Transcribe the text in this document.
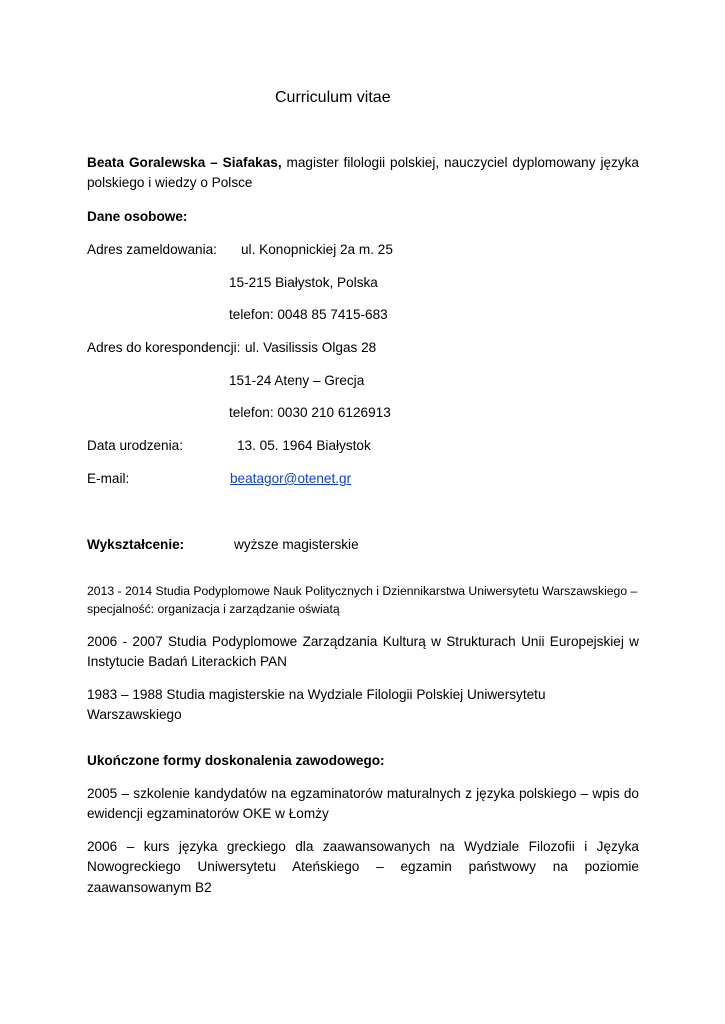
Curriculum vitae
Beata Goralewska – Siafakas, magister filologii polskiej, nauczyciel dyplomowany języka polskiego i wiedzy o Polsce
Dane osobowe:
Adres zameldowania: ul. Konopnickiej 2a m. 25
15-215 Białystok, Polska
telefon: 0048 85 7415-683
Adres do korespondencji: ul. Vasilissis Olgas 28
151-24 Ateny – Grecja
telefon: 0030 210 6126913
Data urodzenia:	13. 05. 1964 Białystok
E-mail:	beatagor@otenet.gr
Wykształcenie:	wyższe magisterskie
2013 - 2014 Studia Podyplomowe Nauk Politycznych i Dziennikarstwa Uniwersytetu Warszawskiego – specjalność: organizacja i zarządzanie oświatą
2006 - 2007 Studia Podyplomowe Zarządzania Kulturą w Strukturach Unii Europejskiej w Instytucie Badań Literackich PAN
1983 – 1988 Studia magisterskie na Wydziale Filologii Polskiej Uniwersytetu Warszawskiego
Ukończone formy doskonalenia zawodowego:
2005 – szkolenie kandydatów na egzaminatorów maturalnych z języka polskiego – wpis do ewidencji egzaminatorów OKE w Łomży
2006 – kurs języka greckiego dla zaawansowanych na Wydziale Filozofii i Języka Nowogreckiego Uniwersytetu Ateńskiego – egzamin państwowy na poziomie zaawansowanym B2
